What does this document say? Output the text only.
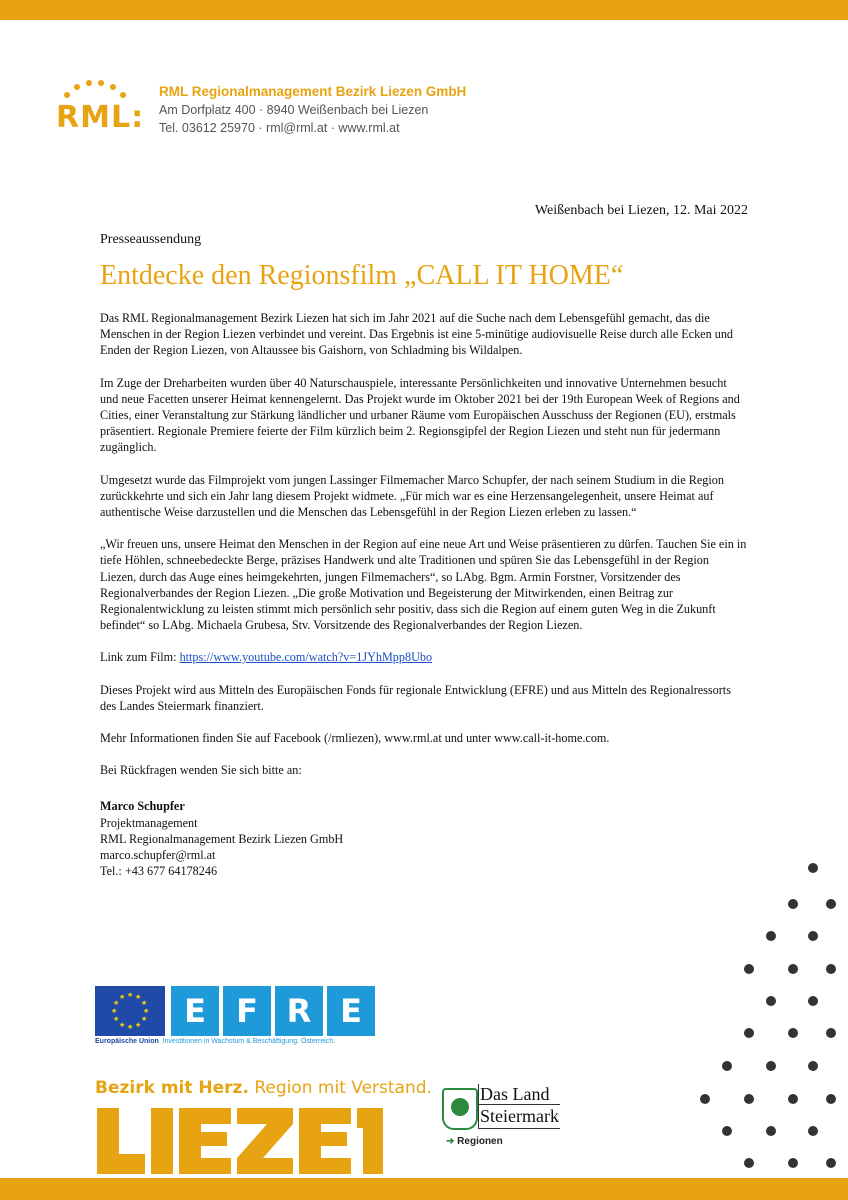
RML:
RML Regionalmanagement Bezirk Liezen GmbH
Am Dorfplatz 400 · 8940 Weißenbach bei Liezen
Tel. 03612 25970 · rml@rml.at · www.rml.at
Weißenbach bei Liezen, 12. Mai 2022
Presseaussendung
Entdecke den Regionsfilm „CALL IT HOME“

Das RML Regionalmanagement Bezirk Liezen hat sich im Jahr 2021 auf die Suche nach dem Lebensgefühl gemacht, das die Menschen in der Region Liezen verbindet und vereint. Das Ergebnis ist eine 5-minütige audiovisuelle Reise durch alle Ecken und Enden der Region Liezen, von Altaussee bis Gaishorn, von Schladming bis Wildalpen.

Im Zuge der Dreharbeiten wurden über 40 Naturschauspiele, interessante Persönlichkeiten und innovative Unternehmen besucht und neue Facetten unserer Heimat kennengelernt. Das Projekt wurde im Oktober 2021 bei der 19th European Week of Regions and Cities, einer Veranstaltung zur Stärkung ländlicher und urbaner Räume vom Europäischen Ausschuss der Regionen (EU), erstmals präsentiert. Regionale Premiere feierte der Film kürzlich beim 2. Regionsgipfel der Region Liezen und steht nun für jedermann zugänglich.

Umgesetzt wurde das Filmprojekt vom jungen Lassinger Filmemacher Marco Schupfer, der nach seinem Studium in die Region zurückkehrte und sich ein Jahr lang diesem Projekt widmete. „Für mich war es eine Herzensangelegenheit, unsere Heimat auf authentische Weise darzustellen und die Menschen das Lebensgefühl in der Region Liezen erleben zu lassen.“

„Wir freuen uns, unsere Heimat den Menschen in der Region auf eine neue Art und Weise präsentieren zu dürfen. Tauchen Sie ein in tiefe Höhlen, schneebedeckte Berge, präzises Handwerk und alte Traditionen und spüren Sie das Lebensgefühl in der Region Liezen, durch das Auge eines heimgekehrten, jungen Filmemachers“, so LAbg. Bgm. Armin Forstner, Vorsitzender des Regionalverbandes der Region Liezen. „Die große Motivation und Begeisterung der Mitwirkenden, einen Beitrag zur Regionalentwicklung zu leisten stimmt mich persönlich sehr positiv, dass sich die Region auf einem guten Weg in die Zukunft befindet“ so LAbg. Michaela Grubesa, Stv. Vorsitzende des Regionalverbandes der Region Liezen.

Link zum Film: https://www.youtube.com/watch?v=1JYhMpp8Ubo

Dieses Projekt wird aus Mitteln des Europäischen Fonds für regionale Entwicklung (EFRE) und aus Mitteln des Regionalressorts des Landes Steiermark finanziert.

Mehr Informationen finden Sie auf Facebook (/rmliezen), www.rml.at und unter www.call-it-home.com.

Bei Rückfragen wenden Sie sich bitte an:

Marco Schupfer
Projektmanagement
RML Regionalmanagement Bezirk Liezen GmbH
marco.schupfer@rml.at
Tel.: +43 677 64178246
★ ★
★
★
★
★
★
★
★
★
★
★	E F R E
Europäische Union Investitionen in Wachstum & Beschäftigung. Österreich.
Bezirk mit Herz. Region mit Verstand.	Das Land
Steiermark
➜ Regionen
